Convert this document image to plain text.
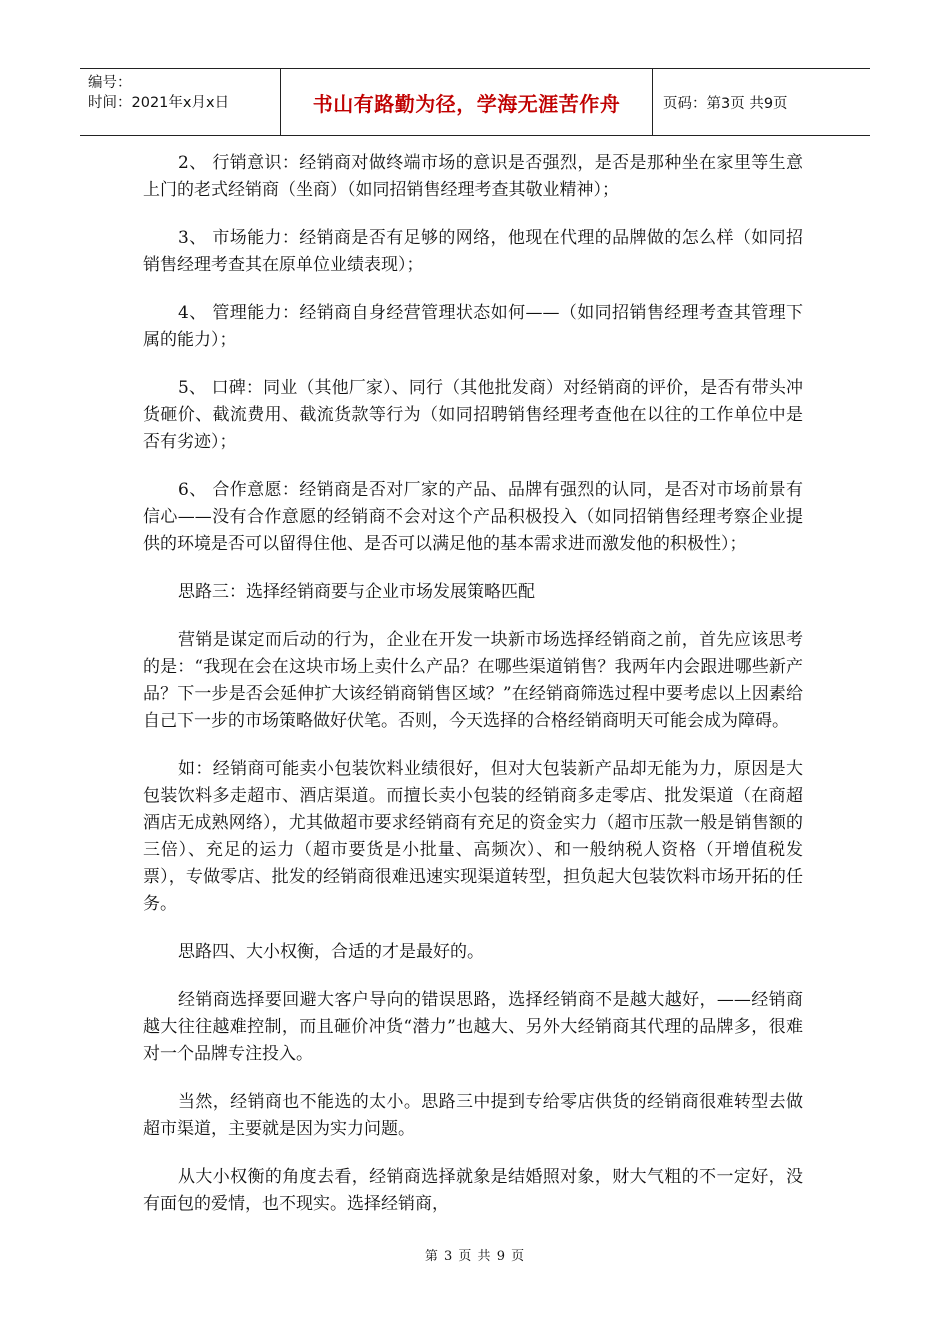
编号：
时间：2021年x月x日	书山有路勤为径，学海无涯苦作舟	页码：第3页 共9页

2、 行销意识：经销商对做终端市场的意识是否强烈，是否是那种坐在家里等生意上门的老式经销商（坐商）（如同招销售经理考查其敬业精神）；

3、 市场能力：经销商是否有足够的网络，他现在代理的品牌做的怎么样（如同招销售经理考查其在原单位业绩表现）；

4、 管理能力：经销商自身经营管理状态如何——（如同招销售经理考查其管理下属的能力）；

5、 口碑：同业（其他厂家）、同行（其他批发商）对经销商的评价，是否有带头冲货砸价、截流费用、截流货款等行为（如同招聘销售经理考查他在以往的工作单位中是否有劣迹）；

6、 合作意愿：经销商是否对厂家的产品、品牌有强烈的认同，是否对市场前景有信心——没有合作意愿的经销商不会对这个产品积极投入（如同招销售经理考察企业提供的环境是否可以留得住他、是否可以满足他的基本需求进而激发他的积极性）；

思路三：选择经销商要与企业市场发展策略匹配

营销是谋定而后动的行为，企业在开发一块新市场选择经销商之前，首先应该思考的是：“我现在会在这块市场上卖什么产品？在哪些渠道销售？我两年内会跟进哪些新产品？下一步是否会延伸扩大该经销商销售区域？”在经销商筛选过程中要考虑以上因素给自己下一步的市场策略做好伏笔。否则，今天选择的合格经销商明天可能会成为障碍。

如：经销商可能卖小包装饮料业绩很好，但对大包装新产品却无能为力，原因是大包装饮料多走超市、酒店渠道。而擅长卖小包装的经销商多走零店、批发渠道（在商超酒店无成熟网络），尤其做超市要求经销商有充足的资金实力（超市压款一般是销售额的三倍）、充足的运力（超市要货是小批量、高频次）、和一般纳税人资格（开增值税发票），专做零店、批发的经销商很难迅速实现渠道转型，担负起大包装饮料市场开拓的任务。

思路四、大小权衡，合适的才是最好的。

经销商选择要回避大客户导向的错误思路，选择经销商不是越大越好，——经销商越大往往越难控制，而且砸价冲货“潜力”也越大、另外大经销商其代理的品牌多，很难对一个品牌专注投入。

当然，经销商也不能选的太小。思路三中提到专给零店供货的经销商很难转型去做超市渠道，主要就是因为实力问题。

从大小权衡的角度去看，经销商选择就象是结婚照对象，财大气粗的不一定好，没有面包的爱情，也不现实。选择经销商，

第 3 页 共 9 页
